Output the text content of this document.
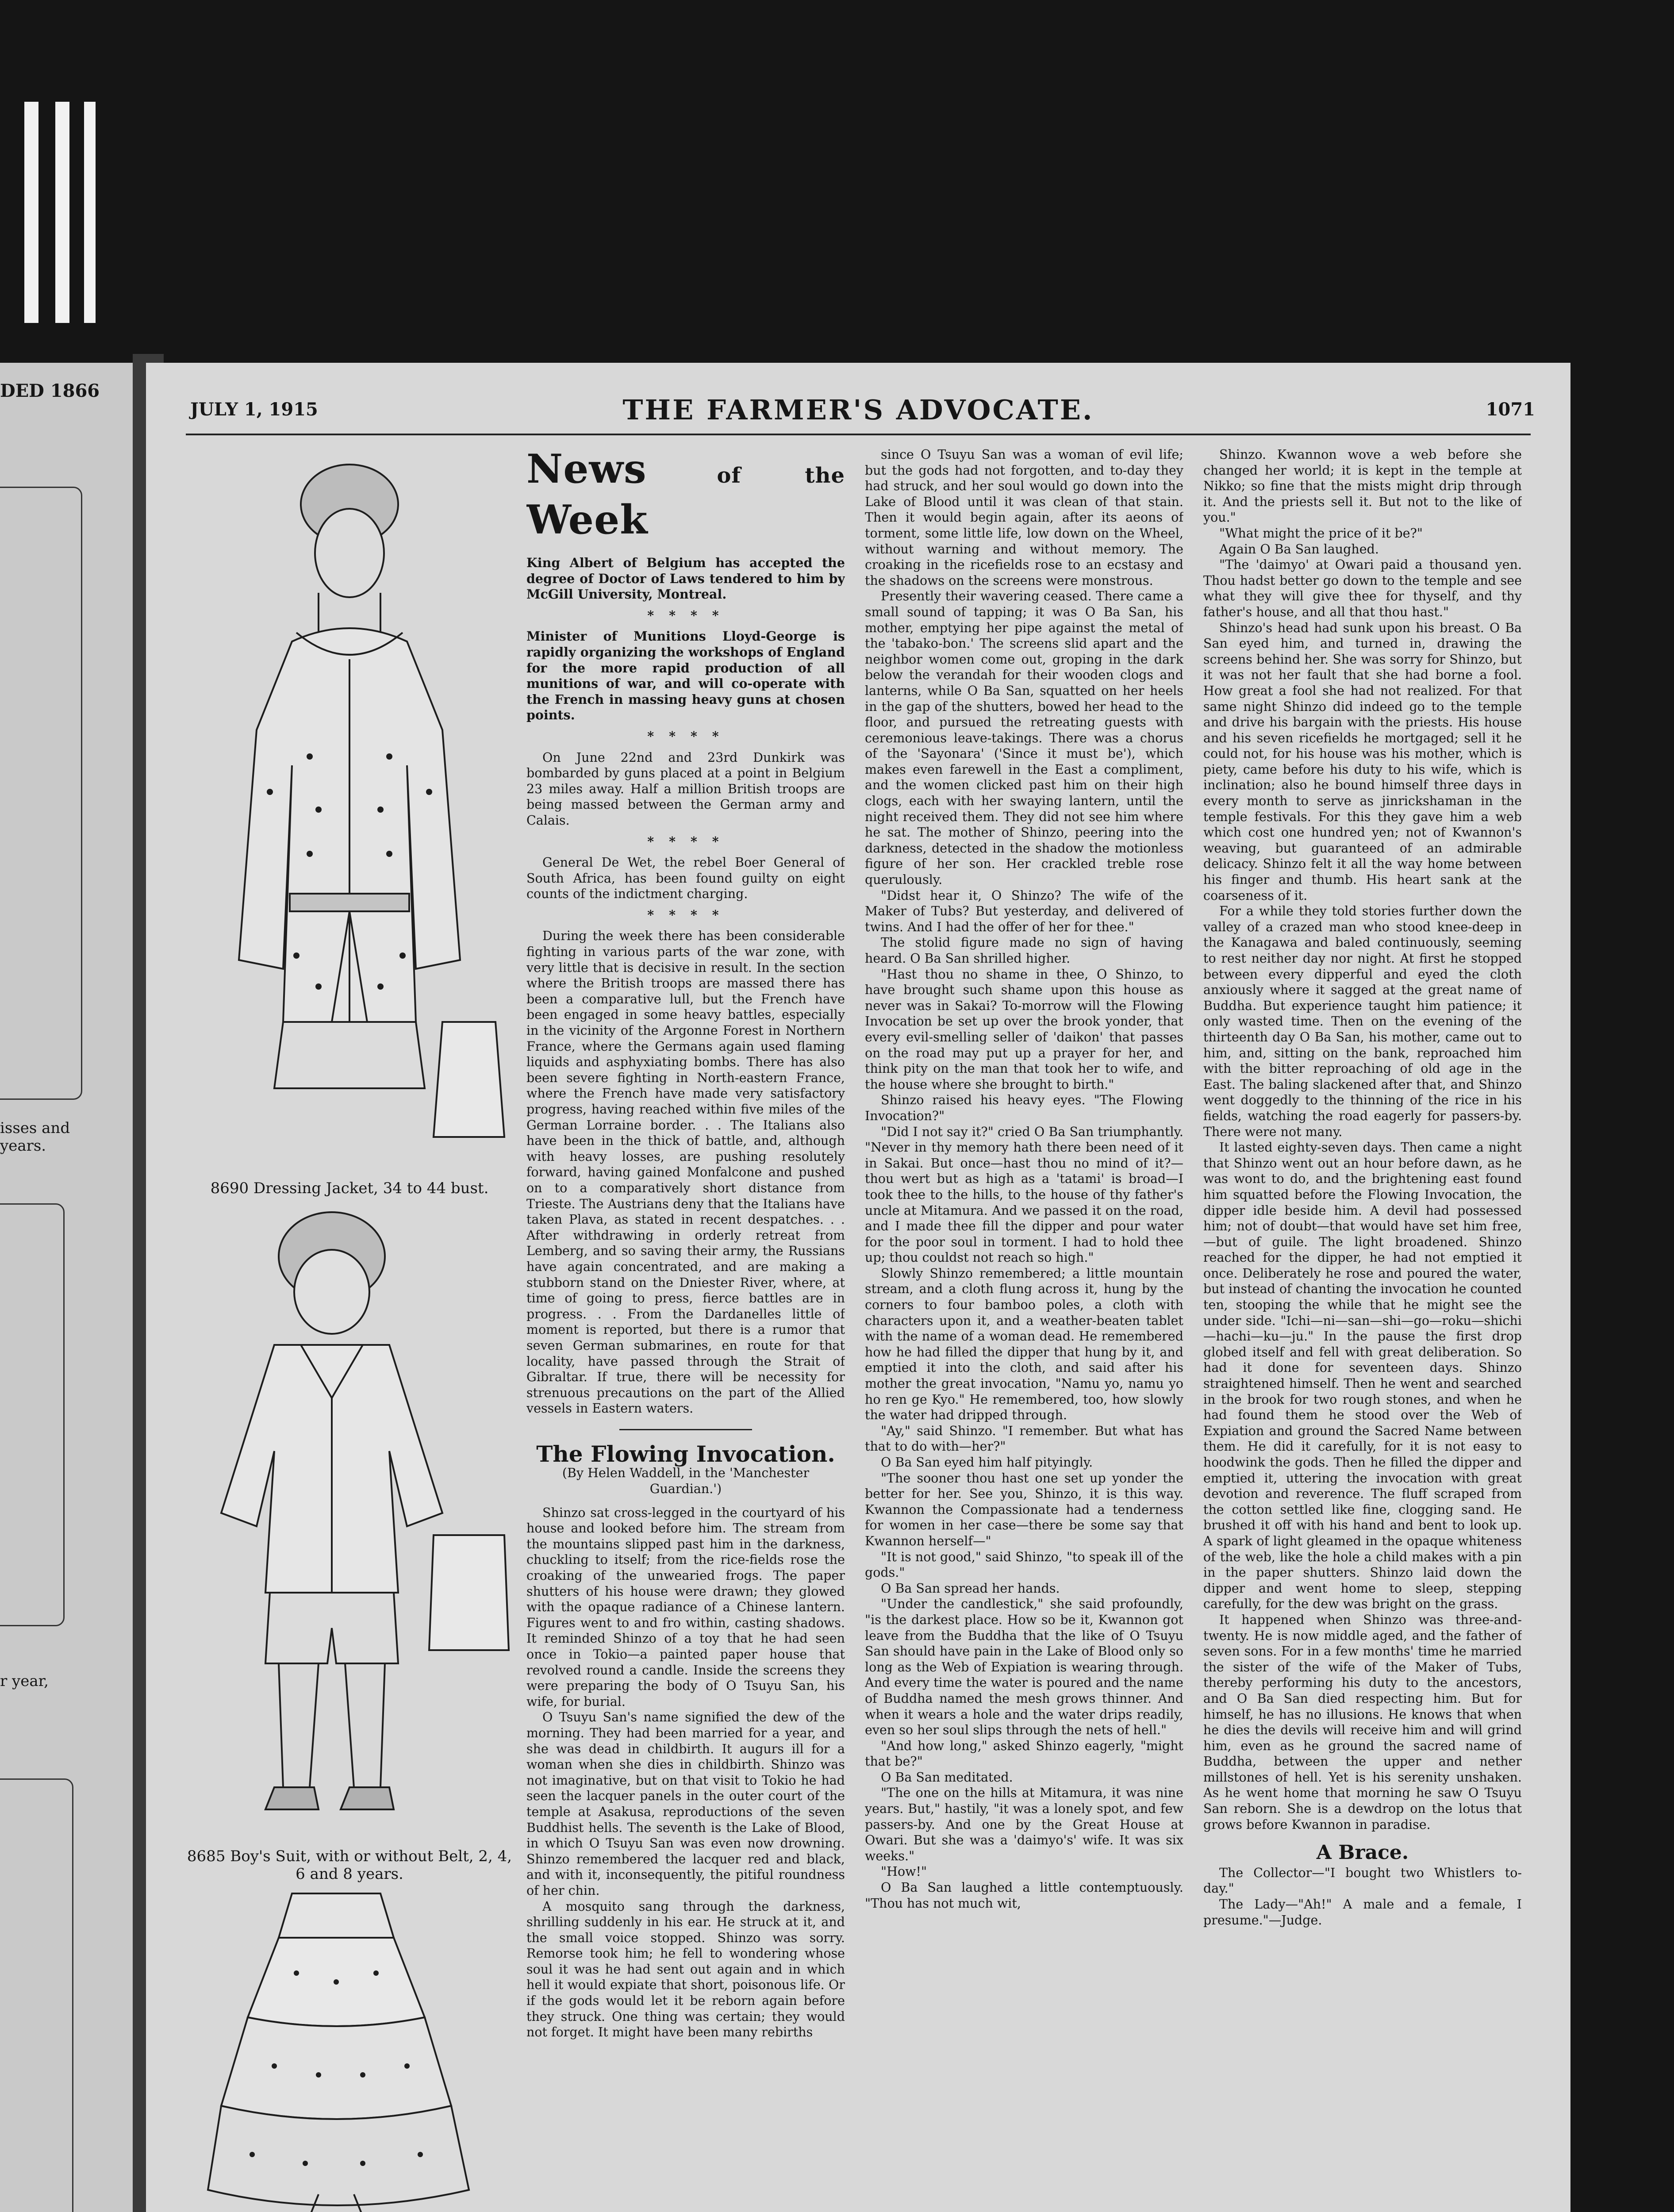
DED 1866
isses and
years.
r year,
JULY 1, 1915	THE FARMER'S ADVOCATE.	1071
8690 Dressing Jacket, 34 to 44 bust.
8685 Boy's Suit, with or without Belt, 2, 4, 6 and 8 years.
News	of the Week

King Albert of Belgium has accepted the degree of Doctor of Laws tendered to him by McGill University, Montreal.

* * * *

Minister of Munitions Lloyd-George is rapidly organizing the workshops of England for the more rapid production of all munitions of war, and will co-operate with the French in massing heavy guns at chosen points.

* * * *

On June 22nd and 23rd Dunkirk was bombarded by guns placed at a point in Belgium 23 miles away. Half a million British troops are being massed between the German army and Calais.

* * * *

General De Wet, the rebel Boer General of South Africa, has been found guilty on eight counts of the indictment charging.

* * * *

During the week there has been considerable fighting in various parts of the war zone, with very little that is decisive in result. In the section where the British troops are massed there has been a comparative lull, but the French have been engaged in some heavy battles, especially in the vicinity of the Argonne Forest in Northern France, where the Germans again used flaming liquids and asphyxiating bombs. There has also been severe fighting in North-eastern France, where the French have made very satisfactory progress, having reached within five miles of the German Lorraine border. . . The Italians also have been in the thick of battle, and, although with heavy losses, are pushing resolutely forward, having gained Monfalcone and pushed on to a comparatively short distance from Trieste. The Austrians deny that the Italians have taken Plava, as stated in recent despatches. . . After withdrawing in orderly retreat from Lemberg, and so saving their army, the Russians have again concentrated, and are making a stubborn stand on the Dniester River, where, at time of going to press, fierce battles are in progress. . . From the Dardanelles little of moment is reported, but there is a rumor that seven German submarines, en route for that locality, have passed through the Strait of Gibraltar. If true, there will be necessity for strenuous precautions on the part of the Allied vessels in Eastern waters.

The Flowing Invocation.
(By Helen Waddell, in the 'Manchester Guardian.')

Shinzo sat cross-legged in the courtyard of his house and looked before him. The stream from the mountains slipped past him in the darkness, chuckling to itself; from the rice-fields rose the croaking of the unwearied frogs. The paper shutters of his house were drawn; they glowed with the opaque radiance of a Chinese lantern. Figures went to and fro within, casting shadows. It reminded Shinzo of a toy that he had seen once in Tokio—a painted paper house that revolved round a candle. Inside the screens they were preparing the body of O Tsuyu San, his wife, for burial.

O Tsuyu San's name signified the dew of the morning. They had been married for a year, and she was dead in childbirth. It augurs ill for a woman when she dies in childbirth. Shinzo was not imaginative, but on that visit to Tokio he had seen the lacquer panels in the outer court of the temple at Asakusa, reproductions of the seven Buddhist hells. The seventh is the Lake of Blood, in which O Tsuyu San was even now drowning. Shinzo remembered the lacquer red and black, and with it, inconsequently, the pitiful roundness of her chin.

A mosquito sang through the darkness, shrilling suddenly in his ear. He struck at it, and the small voice stopped. Shinzo was sorry. Remorse took him; he fell to wondering whose soul it was he had sent out again and in which hell it would expiate that short, poisonous life. Or if the gods would let it be reborn again before they struck. One thing was certain; they would not forget. It might have been many rebirths

since O Tsuyu San was a woman of evil life; but the gods had not forgotten, and to-day they had struck, and her soul would go down into the Lake of Blood until it was clean of that stain. Then it would begin again, after its aeons of torment, some little life, low down on the Wheel, without warning and without memory. The croaking in the ricefields rose to an ecstasy and the shadows on the screens were monstrous.

Presently their wavering ceased. There came a small sound of tapping; it was O Ba San, his mother, emptying her pipe against the metal of the 'tabako-bon.' The screens slid apart and the neighbor women come out, groping in the dark below the verandah for their wooden clogs and lanterns, while O Ba San, squatted on her heels in the gap of the shutters, bowed her head to the floor, and pursued the retreating guests with ceremonious leave-takings. There was a chorus of the 'Sayonara' ('Since it must be'), which makes even farewell in the East a compliment, and the women clicked past him on their high clogs, each with her swaying lantern, until the night received them. They did not see him where he sat. The mother of Shinzo, peering into the darkness, detected in the shadow the motionless figure of her son. Her crackled treble rose querulously.

"Didst hear it, O Shinzo? The wife of the Maker of Tubs? But yesterday, and delivered of twins. And I had the offer of her for thee."

The stolid figure made no sign of having heard. O Ba San shrilled higher.

"Hast thou no shame in thee, O Shinzo, to have brought such shame upon this house as never was in Sakai? To-morrow will the Flowing Invocation be set up over the brook yonder, that every evil-smelling seller of 'daikon' that passes on the road may put up a prayer for her, and think pity on the man that took her to wife, and the house where she brought to birth."

Shinzo raised his heavy eyes. "The Flowing Invocation?"

"Did I not say it?" cried O Ba San triumphantly. "Never in thy memory hath there been need of it in Sakai. But once—hast thou no mind of it?—thou wert but as high as a 'tatami' is broad—I took thee to the hills, to the house of thy father's uncle at Mitamura. And we passed it on the road, and I made thee fill the dipper and pour water for the poor soul in torment. I had to hold thee up; thou couldst not reach so high."

Slowly Shinzo remembered; a little mountain stream, and a cloth flung across it, hung by the corners to four bamboo poles, a cloth with characters upon it, and a weather-beaten tablet with the name of a woman dead. He remembered how he had filled the dipper that hung by it, and emptied it into the cloth, and said after his mother the great invocation, "Namu yo, namu yo ho ren ge Kyo." He remembered, too, how slowly the water had dripped through.

"Ay," said Shinzo. "I remember. But what has that to do with—her?"

O Ba San eyed him half pityingly.

"The sooner thou hast one set up yonder the better for her. See you, Shinzo, it is this way. Kwannon the Compassionate had a tenderness for women in her case—there be some say that Kwannon herself—"

"It is not good," said Shinzo, "to speak ill of the gods."

O Ba San spread her hands.

"Under the candlestick," she said profoundly, "is the darkest place. How so be it, Kwannon got leave from the Buddha that the like of O Tsuyu San should have pain in the Lake of Blood only so long as the Web of Expiation is wearing through. And every time the water is poured and the name of Buddha named the mesh grows thinner. And when it wears a hole and the water drips readily, even so her soul slips through the nets of hell."

"And how long," asked Shinzo eagerly, "might that be?"

O Ba San meditated.

"The one on the hills at Mitamura, it was nine years. But," hastily, "it was a lonely spot, and few passers-by. And one by the Great House at Owari. But she was a 'daimyo's' wife. It was six weeks."

"How!"

O Ba San laughed a little contemptuously. "Thou has not much wit,

Shinzo. Kwannon wove a web before she changed her world; it is kept in the temple at Nikko; so fine that the mists might drip through it. And the priests sell it. But not to the like of you."

"What might the price of it be?"

Again O Ba San laughed.

"The 'daimyo' at Owari paid a thousand yen. Thou hadst better go down to the temple and see what they will give thee for thyself, and thy father's house, and all that thou hast."

Shinzo's head had sunk upon his breast. O Ba San eyed him, and turned in, drawing the screens behind her. She was sorry for Shinzo, but it was not her fault that she had borne a fool. How great a fool she had not realized. For that same night Shinzo did indeed go to the temple and drive his bargain with the priests. His house and his seven ricefields he mortgaged; sell it he could not, for his house was his mother, which is piety, came before his duty to his wife, which is inclination; also he bound himself three days in every month to serve as jinrickshaman in the temple festivals. For this they gave him a web which cost one hundred yen; not of Kwannon's weaving, but guaranteed of an admirable delicacy. Shinzo felt it all the way home between his finger and thumb. His heart sank at the coarseness of it.

For a while they told stories further down the valley of a crazed man who stood knee-deep in the Kanagawa and baled continuously, seeming to rest neither day nor night. At first he stopped between every dipperful and eyed the cloth anxiously where it sagged at the great name of Buddha. But experience taught him patience; it only wasted time. Then on the evening of the thirteenth day O Ba San, his mother, came out to him, and, sitting on the bank, reproached him with the bitter reproaching of old age in the East. The baling slackened after that, and Shinzo went doggedly to the thinning of the rice in his fields, watching the road eagerly for passers-by. There were not many.

It lasted eighty-seven days. Then came a night that Shinzo went out an hour before dawn, as he was wont to do, and the brightening east found him squatted before the Flowing Invocation, the dipper idle beside him. A devil had possessed him; not of doubt—that would have set him free,—but of guile. The light broadened. Shinzo reached for the dipper, he had not emptied it once. Deliberately he rose and poured the water, but instead of chanting the invocation he counted ten, stooping the while that he might see the under side. "Ichi—ni—san—shi—go—roku—shichi—hachi—ku—ju." In the pause the first drop globed itself and fell with great deliberation. So had it done for seventeen days. Shinzo straightened himself. Then he went and searched in the brook for two rough stones, and when he had found them he stood over the Web of Expiation and ground the Sacred Name between them. He did it carefully, for it is not easy to hoodwink the gods. Then he filled the dipper and emptied it, uttering the invocation with great devotion and reverence. The fluff scraped from the cotton settled like fine, clogging sand. He brushed it off with his hand and bent to look up. A spark of light gleamed in the opaque whiteness of the web, like the hole a child makes with a pin in the paper shutters. Shinzo laid down the dipper and went home to sleep, stepping carefully, for the dew was bright on the grass.

It happened when Shinzo was three-and-twenty. He is now middle aged, and the father of seven sons. For in a few months' time he married the sister of the wife of the Maker of Tubs, thereby performing his duty to the ancestors, and O Ba San died respecting him. But for himself, he has no illusions. He knows that when he dies the devils will receive him and will grind him, even as he ground the sacred name of Buddha, between the upper and nether millstones of hell. Yet is his serenity unshaken. As he went home that morning he saw O Tsuyu San reborn. She is a dewdrop on the lotus that grows before Kwannon in paradise.

A Brace.

The Collector—"I bought two Whistlers to-day."

The Lady—"Ah!" A male and a female, I presume."—Judge.
